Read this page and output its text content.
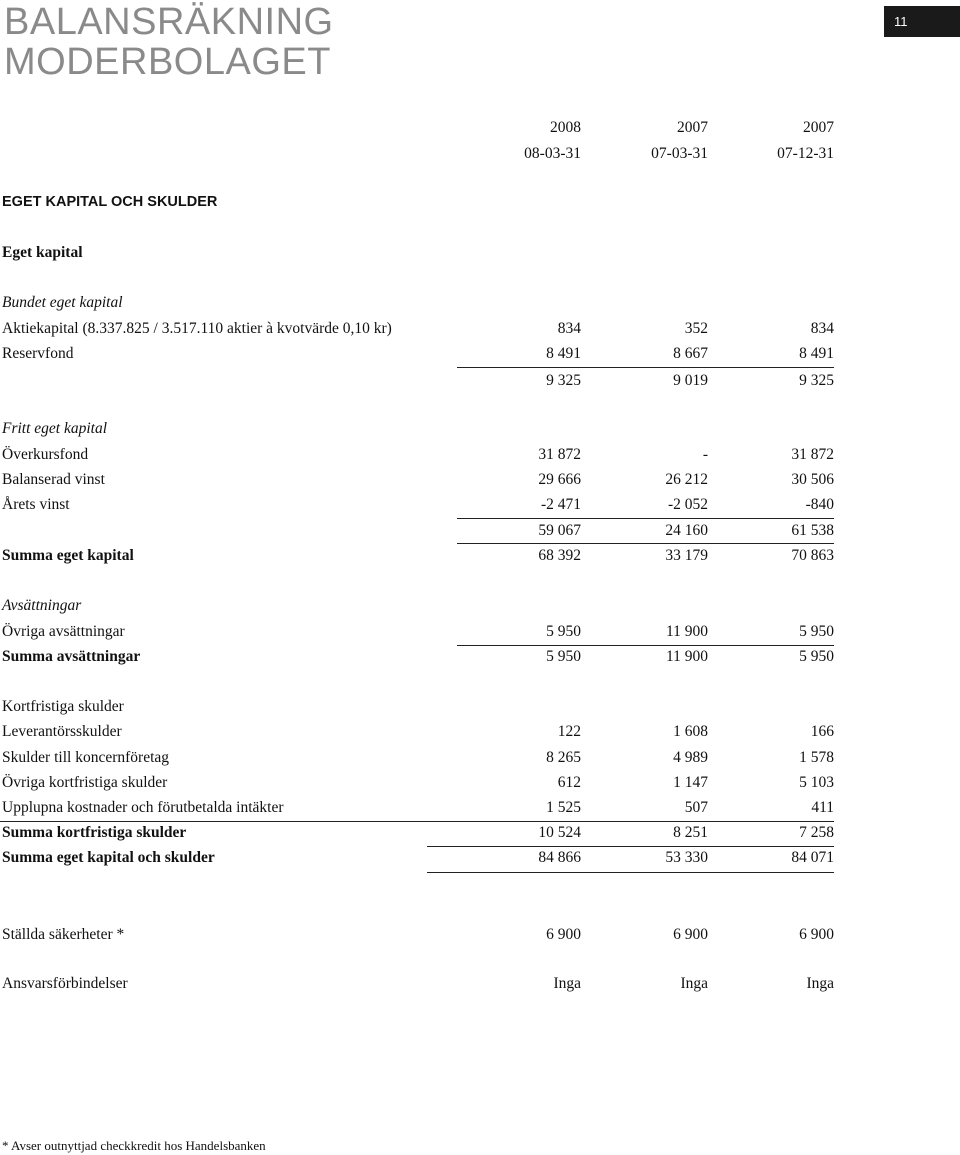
BALANSRÄKNING
MODERBOLAGET
11
2008	2007	2007
08-03-31	07-03-31	07-12-31
EGET KAPITAL OCH SKULDER
Eget kapital
Bundet eget kapital
Aktiekapital (8.337.825 / 3.517.110 aktier à kvotvärde 0,10 kr)	834	352	834
Reservfond	8 491	8 667	8 491
9 325	9 019	9 325
Fritt eget kapital
Överkursfond	31 872	-	31 872
Balanserad vinst	29 666	26 212	30 506
Årets vinst	-2 471	-2 052	-840
59 067	24 160	61 538
Summa eget kapital	68 392	33 179	70 863
Avsättningar
Övriga avsättningar	5 950	11 900	5 950
Summa avsättningar	5 950	11 900	5 950
Kortfristiga skulder
Leverantörsskulder	122	1 608	166
Skulder till koncernföretag	8 265	4 989	1 578
Övriga kortfristiga skulder	612	1 147	5 103
Upplupna kostnader och förutbetalda intäkter	1 525	507	411
Summa kortfristiga skulder	10 524	8 251	7 258
Summa eget kapital och skulder	84 866	53 330	84 071
Ställda säkerheter *	6 900	6 900	6 900
Ansvarsförbindelser	Inga	Inga	Inga
* Avser outnyttjad checkkredit hos Handelsbanken
